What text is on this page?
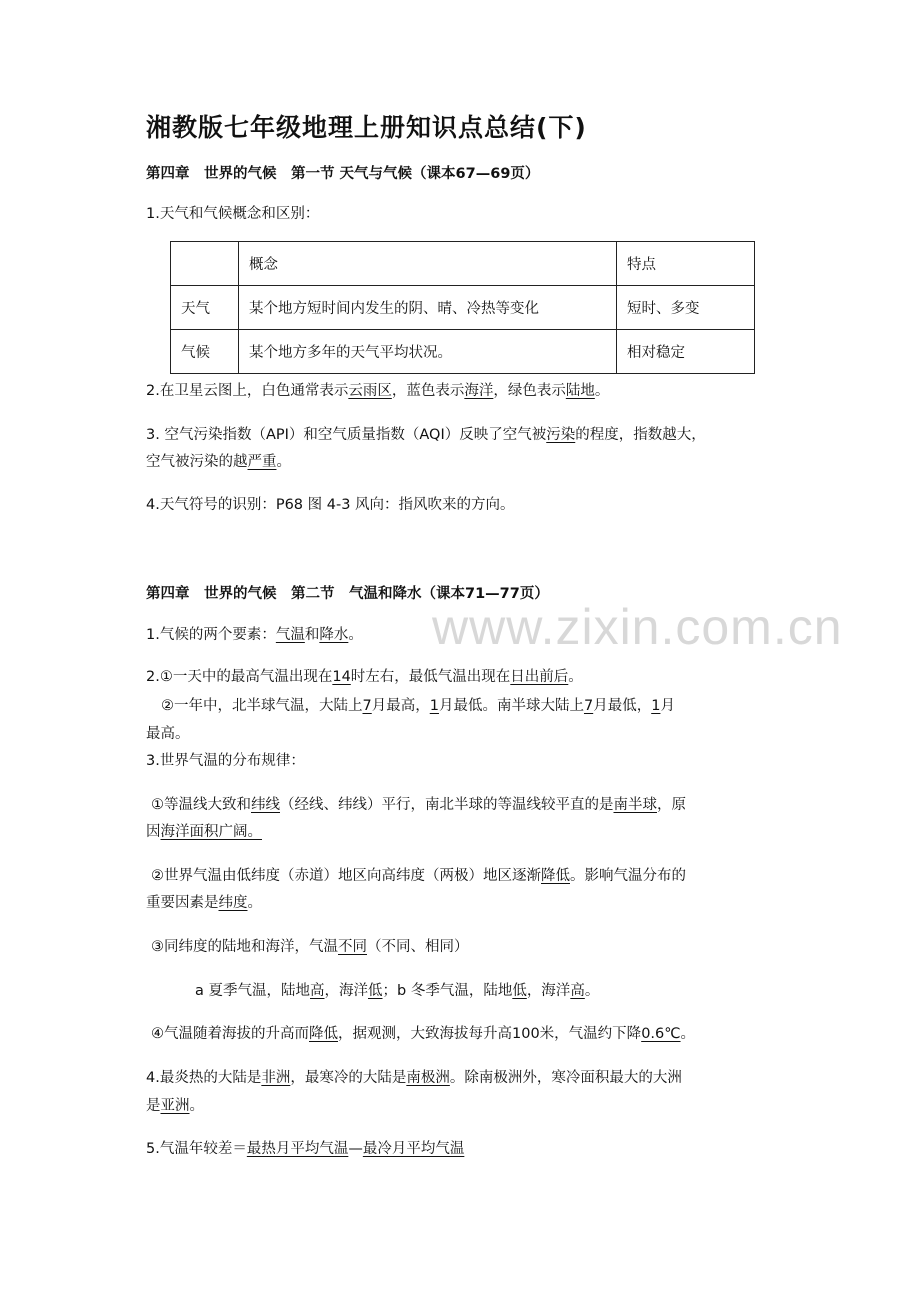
湘教版七年级地理上册知识点总结(下)
第四章　世界的气候　第一节 天气与气候（课本67—69页）
1.天气和气候概念和区别：
	概念	特点
天气	某个地方短时间内发生的阴、晴、冷热等变化	短时、多变
气候	某个地方多年的天气平均状况。	相对稳定
2.在卫星云图上，白色通常表示云雨区，蓝色表示海洋，绿色表示陆地。
3. 空气污染指数（API）和空气质量指数（AQI）反映了空气被污染的程度，指数越大，
空气被污染的越严重。
4.天气符号的识别：P68 图 4-3 风向：指风吹来的方向。
第四章　世界的气候　第二节　气温和降水（课本71—77页）
www.zixin.com.cn
1.气候的两个要素：气温和降水。
2.①一天中的最高气温出现在14时左右，最低气温出现在日出前后。
②一年中，北半球气温，大陆上7月最高，1月最低。南半球大陆上7月最低，1月
最高。
3.世界气温的分布规律：
①等温线大致和纬线（经线、纬线）平行，南北半球的等温线较平直的是南半球，原
因海洋面积广阔。
②世界气温由低纬度（赤道）地区向高纬度（两极）地区逐渐降低。影响气温分布的
重要因素是纬度。
③同纬度的陆地和海洋，气温不同（不同、相同）
a 夏季气温，陆地高，海洋低；b 冬季气温，陆地低，海洋高。
④气温随着海拔的升高而降低，据观测，大致海拔每升高100米，气温约下降0.6℃。
4.最炎热的大陆是非洲，最寒冷的大陆是南极洲。除南极洲外，寒冷面积最大的大洲
是亚洲。
5.气温年较差＝最热月平均气温—最冷月平均气温
